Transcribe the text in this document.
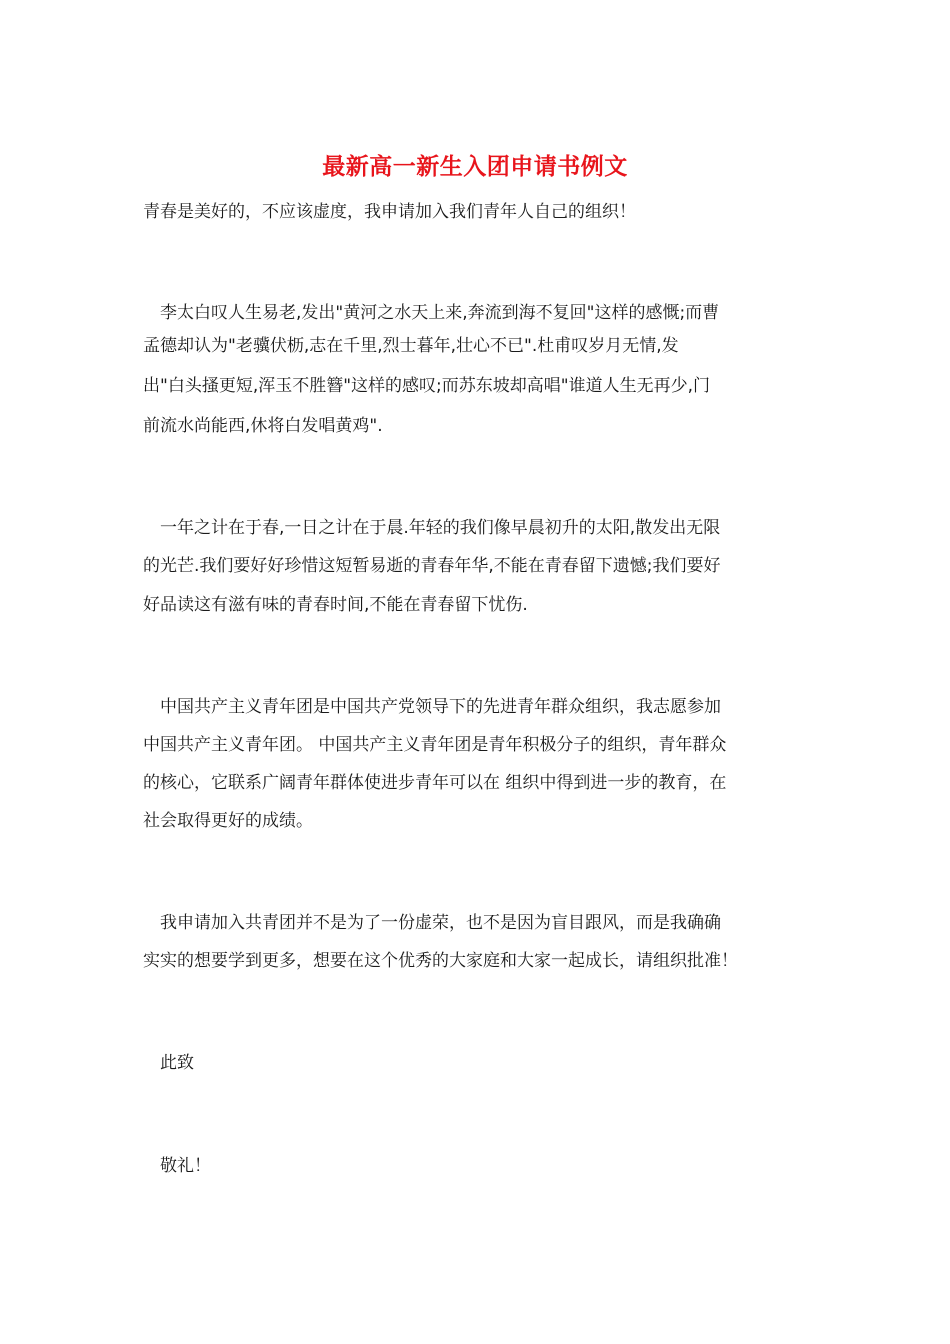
最新高一新生入团申请书例文
青春是美好的，不应该虚度，我申请加入我们青年人自己的组织！
　李太白叹人生易老,发出"黄河之水天上来,奔流到海不复回"这样的感慨;而曹
孟德却认为"老骥伏枥,志在千里,烈士暮年,壮心不已".杜甫叹岁月无情,发
出"白头搔更短,浑玉不胜簪"这样的感叹;而苏东坡却高唱"谁道人生无再少,门
前流水尚能西,休将白发唱黄鸡".
　一年之计在于春,一日之计在于晨.年轻的我们像早晨初升的太阳,散发出无限
的光芒.我们要好好珍惜这短暂易逝的青春年华,不能在青春留下遗憾;我们要好
好品读这有滋有味的青春时间,不能在青春留下忧伤.
　中国共产主义青年团是中国共产党领导下的先进青年群众组织，我志愿参加
中国共产主义青年团。 中国共产主义青年团是青年积极分子的组织，青年群众
的核心，它联系广阔青年群体使进步青年可以在 组织中得到进一步的教育，在
社会取得更好的成绩。
　我申请加入共青团并不是为了一份虚荣，也不是因为盲目跟风，而是我确确
实实的想要学到更多，想要在这个优秀的大家庭和大家一起成长，请组织批准！
　此致
　敬礼！
